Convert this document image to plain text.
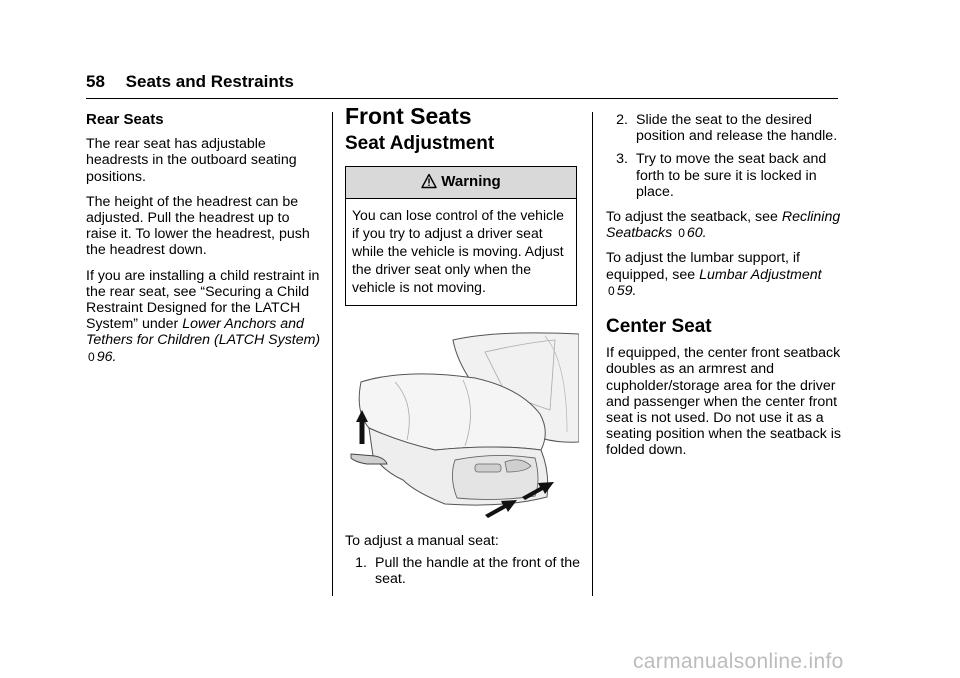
58 Seats and Restraints
Rear Seats

The rear seat has adjustable headrests in the outboard seating positions.

The height of the headrest can be adjusted. Pull the headrest up to raise it. To lower the headrest, push the headrest down.

If you are installing a child restraint in the rear seat, see “Securing a Child Restraint Designed for the LATCH System” under Lower Anchors and Tethers for Children (LATCH System) 0 96.

Front Seats
Seat Adjustment
Warning
You can lose control of the vehicle if you try to adjust a driver seat while the vehicle is moving. Adjust the driver seat only when the vehicle is not moving.

To adjust a manual seat:

1. Pull the handle at the front of the seat.
2. Slide the seat to the desired position and release the handle.
3. Try to move the seat back and forth to be sure it is locked in place.

To adjust the seatback, see Reclining Seatbacks 0 60.

To adjust the lumbar support, if equipped, see Lumbar Adjustment 0 59.

Center Seat

If equipped, the center front seatback doubles as an armrest and cupholder/storage area for the driver and passenger when the center front seat is not used. Do not use it as a seating position when the seatback is folded down.

carmanualsonline.info
